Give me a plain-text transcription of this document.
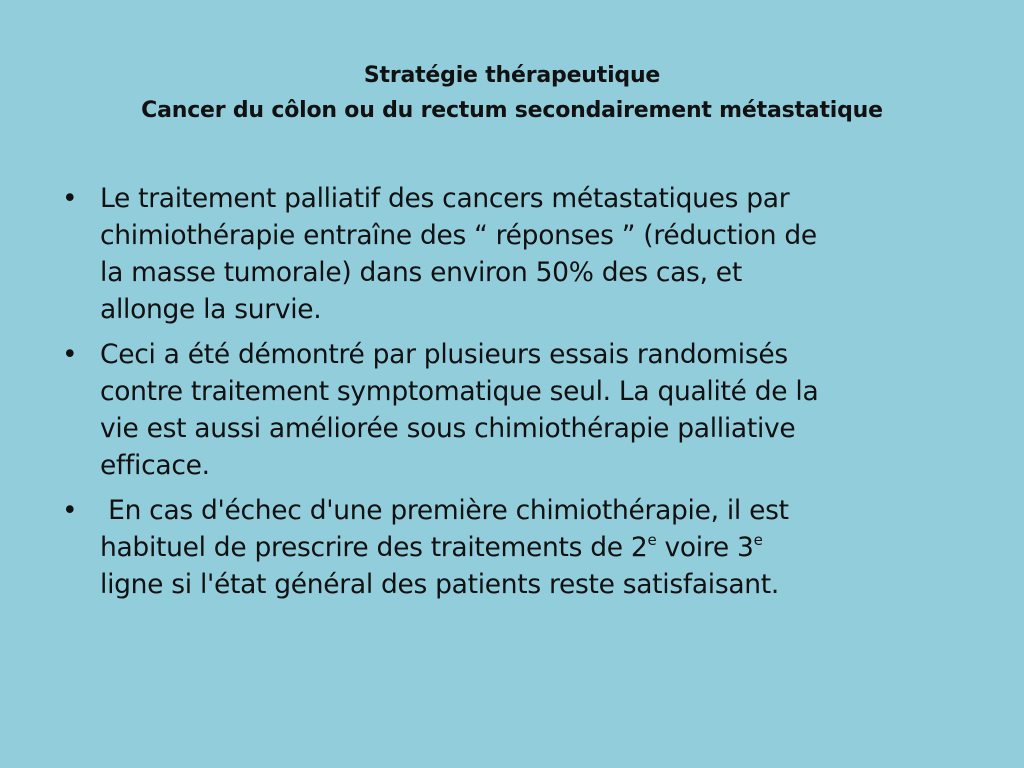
Stratégie thérapeutique
Cancer du côlon ou du rectum secondairement métastatique
• Le traitement palliatif des cancers métastatiques par
chimiothérapie entraîne des “ réponses ” (réduction de
la masse tumorale) dans environ 50% des cas, et
allonge la survie.
• Ceci a été démontré par plusieurs essais randomisés
contre traitement symptomatique seul. La qualité de la
vie est aussi améliorée sous chimiothérapie palliative
efficace.
• En cas d'échec d'une première chimiothérapie, il est
habituel de prescrire des traitements de 2e voire 3e
ligne si l'état général des patients reste satisfaisant.
